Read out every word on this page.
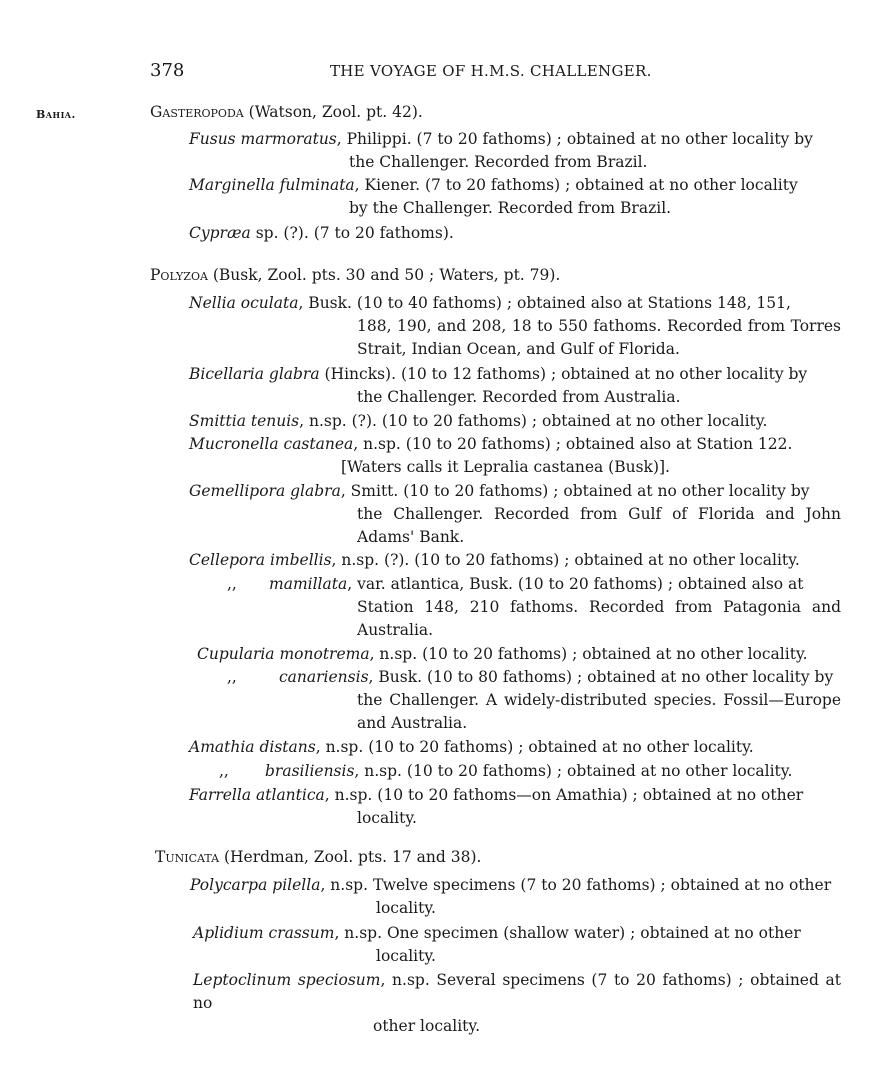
378	THE VOYAGE OF H.M.S. CHALLENGER.
Bahia.	Gasteropoda (Watson, Zool. pt. 42).
Fusus marmoratus, Philippi. (7 to 20 fathoms) ; obtained at no other locality by
the Challenger. Recorded from Brazil.
Marginella fulminata, Kiener. (7 to 20 fathoms) ; obtained at no other locality
by the Challenger. Recorded from Brazil.
Cypræa sp. (?). (7 to 20 fathoms).
Polyzoa (Busk, Zool. pts. 30 and 50 ; Waters, pt. 79).
Nellia oculata, Busk. (10 to 40 fathoms) ; obtained also at Stations 148, 151,
188, 190, and 208, 18 to 550 fathoms. Recorded from Torres Strait, Indian Ocean, and Gulf of Florida.
Bicellaria glabra (Hincks). (10 to 12 fathoms) ; obtained at no other locality by
the Challenger. Recorded from Australia.
Smittia tenuis, n.sp. (?). (10 to 20 fathoms) ; obtained at no other locality.
Mucronella castanea, n.sp. (10 to 20 fathoms) ; obtained also at Station 122.
[Waters calls it Lepralia castanea (Busk)].
Gemellipora glabra, Smitt. (10 to 20 fathoms) ; obtained at no other locality by
the Challenger. Recorded from Gulf of Florida and John Adams' Bank.
Cellepora imbellis, n.sp. (?). (10 to 20 fathoms) ; obtained at no other locality.
,, mamillata, var. atlantica, Busk. (10 to 20 fathoms) ; obtained also at
Station 148, 210 fathoms. Recorded from Patagonia and Australia.
Cupularia monotrema, n.sp. (10 to 20 fathoms) ; obtained at no other locality.
,,	canariensis, Busk. (10 to 80 fathoms) ; obtained at no other locality by
the Challenger. A widely-distributed species. Fossil—Europe and Australia.
Amathia distans, n.sp. (10 to 20 fathoms) ; obtained at no other locality.
,, brasiliensis, n.sp. (10 to 20 fathoms) ; obtained at no other locality.
Farrella atlantica, n.sp. (10 to 20 fathoms—on Amathia) ; obtained at no other
locality.
Tunicata (Herdman, Zool. pts. 17 and 38).
Polycarpa pilella, n.sp. Twelve specimens (7 to 20 fathoms) ; obtained at no other
locality.
Aplidium crassum, n.sp. One specimen (shallow water) ; obtained at no other
locality.
Leptoclinum speciosum, n.sp. Several specimens (7 to 20 fathoms) ; obtained at no
other locality.
